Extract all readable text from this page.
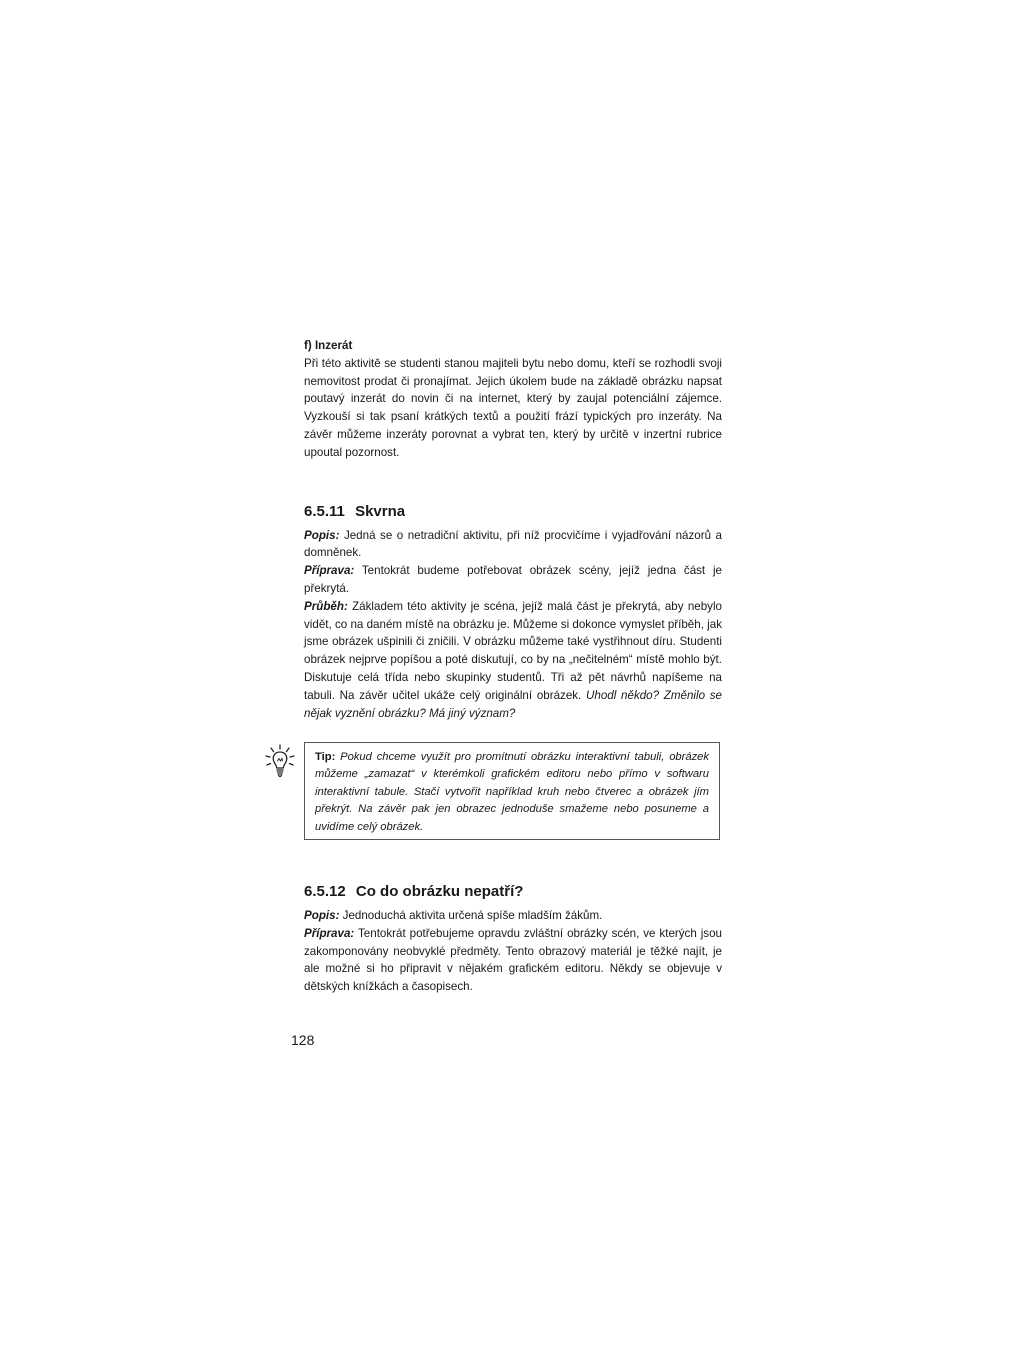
f) Inzerát

Při této aktivitě se studenti stanou majiteli bytu nebo domu, kteří se rozhodli svoji nemovitost prodat či pronajímat. Jejich úkolem bude na základě obrázku napsat poutavý inzerát do novin či na internet, který by zaujal potenciální zájemce. Vyzkouší si tak psaní krátkých textů a použití frází typických pro inzeráty. Na závěr můžeme inzeráty porovnat a vybrat ten, který by určitě v inzertní rubrice upoutal pozornost.

6.5.11 Skvrna

Popis: Jedná se o netradiční aktivitu, při níž procvičíme i vyjadřování názorů a domněnek.

Příprava: Tentokrát budeme potřebovat obrázek scény, jejíž jedna část je překrytá.

Průběh: Základem této aktivity je scéna, jejíž malá část je překrytá, aby nebylo vidět, co na daném místě na obrázku je. Můžeme si dokonce vymyslet příběh, jak jsme obrázek ušpinili či zničili. V obrázku můžeme také vystřihnout díru. Studenti obrázek nejprve popíšou a poté diskutují, co by na „nečitelném“ místě mohlo být. Diskutuje celá třída nebo skupinky studentů. Tři až pět návrhů napíšeme na tabuli. Na závěr učitel ukáže celý originální obrázek. Uhodl někdo? Změnilo se nějak vyznění obrázku? Má jiný význam?

Tip: Pokud chceme využít pro promítnutí obrázku interaktivní tabuli, obrázek můžeme „zamazat“ v kterémkoli grafickém editoru nebo přímo v softwaru interaktivní tabule. Stačí vytvořit například kruh nebo čtverec a obrázek jím překrýt. Na závěr pak jen obrazec jednoduše smažeme nebo posuneme a uvidíme celý obrázek.

6.5.12 Co do obrázku nepatří?

Popis: Jednoduchá aktivita určená spíše mladším žákům.

Příprava: Tentokrát potřebujeme opravdu zvláštní obrázky scén, ve kterých jsou zakomponovány neobvyklé předměty. Tento obrazový materiál je těžké najít, je ale možné si ho připravit v nějakém grafickém editoru. Někdy se objevuje v dětských knížkách a časopisech.

128
